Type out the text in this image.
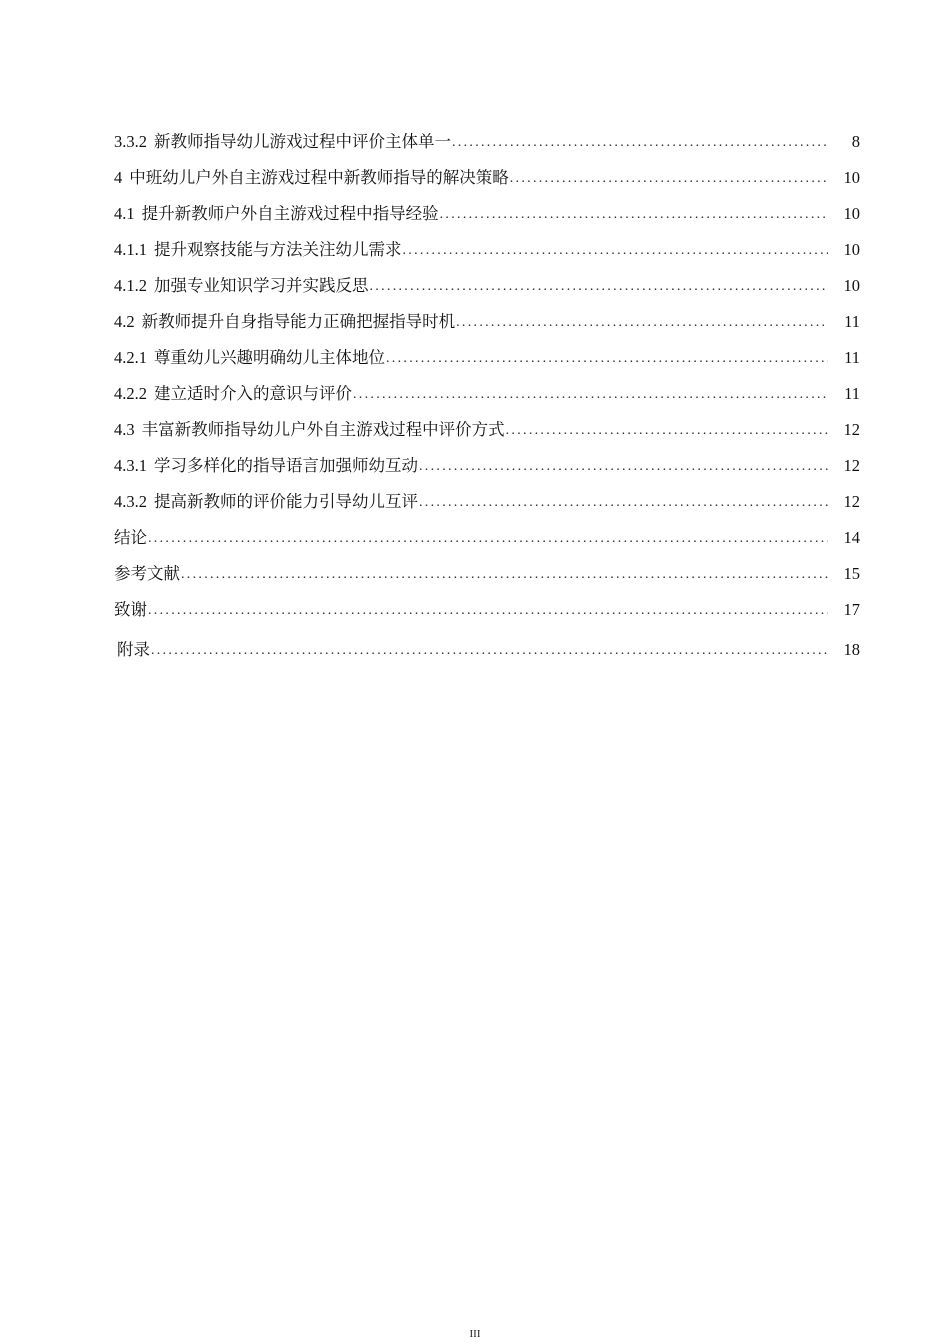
3.3.2 新教师指导幼儿游戏过程中评价主体单一 .....	8
4 中班幼儿户外自主游戏过程中新教师指导的解决策略 .....	10
4.1 提升新教师户外自主游戏过程中指导经验 .....	10
4.1.1 提升观察技能与方法关注幼儿需求 .....	10
4.1.2 加强专业知识学习并实践反思 .....	10
4.2 新教师提升自身指导能力正确把握指导时机 .....	11
4.2.1 尊重幼儿兴趣明确幼儿主体地位 .....	11
4.2.2 建立适时介入的意识与评价 .....	11
4.3 丰富新教师指导幼儿户外自主游戏过程中评价方式 .....	12
4.3.1 学习多样化的指导语言加强师幼互动 .....	12
4.3.2 提高新教师的评价能力引导幼儿互评 .....	12
结论 .....	14
参考文献 .....	15
致谢 .....	17
附录 .....	18
III
